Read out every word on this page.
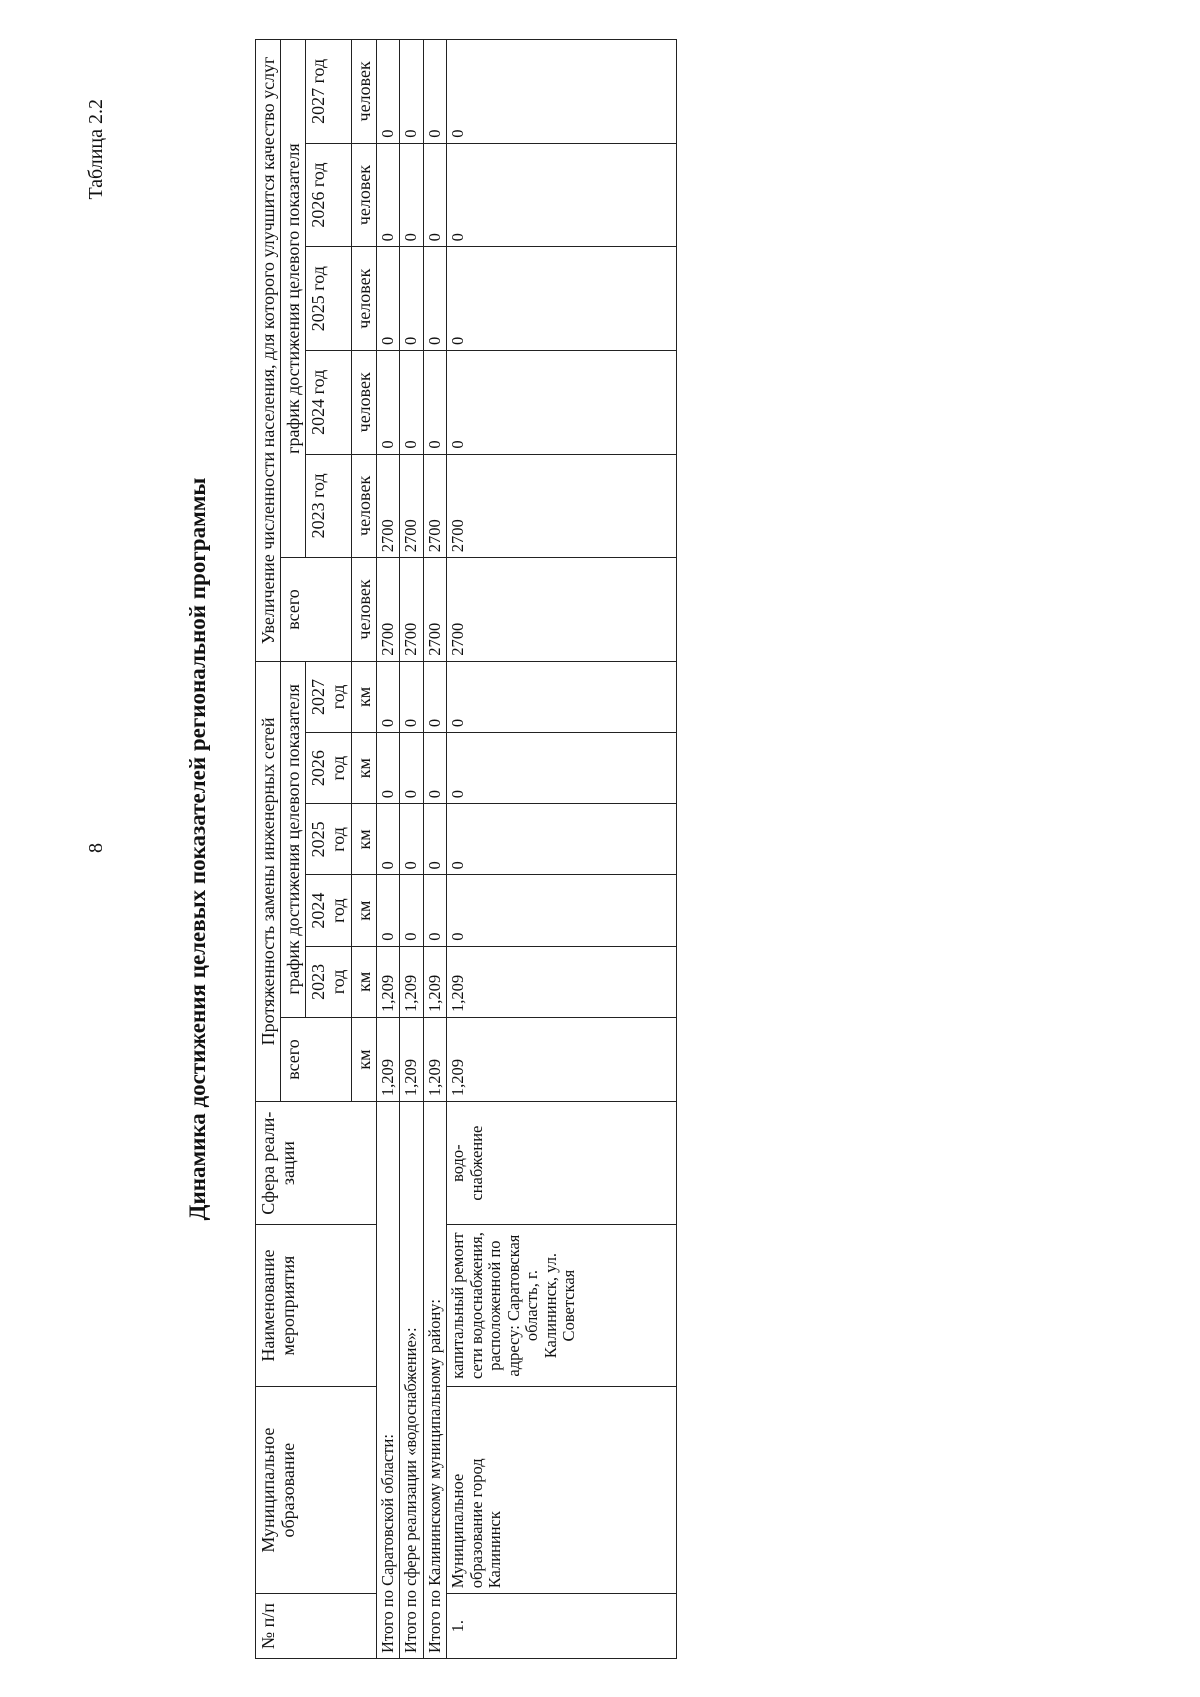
8
Таблица 2.2
Динамика достижения целевых показателей региональной программы
№ п/п	Муниципальное образование	Наименование мероприятия	Сфера реали-зации	Протяженность замены инженерных сетей						Увеличение численности населения, для которого улучшится качество услуг					
				всего	график достижения целевого показателя					всего	график достижения целевого показателя				
					2023 год	2024 год	2025 год	2026 год	2027 год		2023 год	2024 год	2025 год	2026 год	2027 год
				км	км	км	км	км	км	человек	человек	человек	человек	человек	человек
Итого по Саратовской области:				1,209	1,209	0	0	0	0	2700	2700	0	0	0	0
Итого по сфере реализации «водоснабжение»:				1,209	1,209	0	0	0	0	2700	2700	0	0	0	0
Итого по Калининскому муниципальному району:				1,209	1,209	0	0	0	0	2700	2700	0	0	0	0
1.	Муниципальное образование город Калининск	капитальный ремонт сети водоснабжения, расположенной по адресу: Саратовская область, г. Калининск, ул. Советская	водо-снабжение	1,209	1,209	0	0	0	0	2700	2700	0	0	0	0
